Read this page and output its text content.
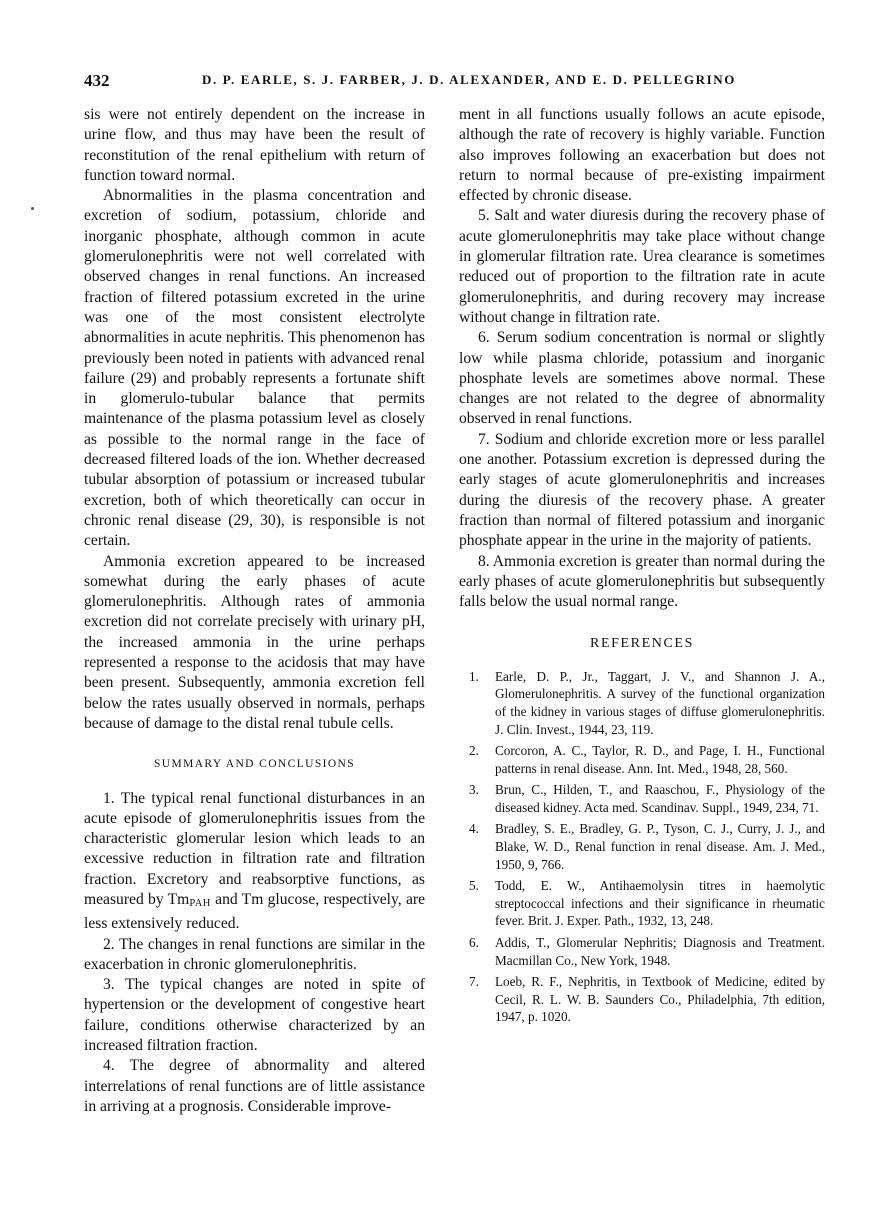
432	D. P. EARLE, S. J. FARBER, J. D. ALEXANDER, AND E. D. PELLEGRINO

sis were not entirely dependent on the increase in urine flow, and thus may have been the result of reconstitution of the renal epithelium with return of function toward normal.

Abnormalities in the plasma concentration and excretion of sodium, potassium, chloride and inorganic phosphate, although common in acute glomerulonephritis were not well correlated with observed changes in renal functions. An increased fraction of filtered potassium excreted in the urine was one of the most consistent electrolyte abnormalities in acute nephritis. This phenomenon has previously been noted in patients with advanced renal failure (29) and probably represents a fortunate shift in glomerulo-tubular balance that permits maintenance of the plasma potassium level as closely as possible to the normal range in the face of decreased filtered loads of the ion. Whether decreased tubular absorption of potassium or increased tubular excretion, both of which theoretically can occur in chronic renal disease (29, 30), is responsible is not certain.

Ammonia excretion appeared to be increased somewhat during the early phases of acute glomerulonephritis. Although rates of ammonia excretion did not correlate precisely with urinary pH, the increased ammonia in the urine perhaps represented a response to the acidosis that may have been present. Subsequently, ammonia excretion fell below the rates usually observed in normals, perhaps because of damage to the distal renal tubule cells.

SUMMARY AND CONCLUSIONS

1. The typical renal functional disturbances in an acute episode of glomerulonephritis issues from the characteristic glomerular lesion which leads to an excessive reduction in filtration rate and filtration fraction. Excretory and reabsorptive functions, as measured by TmPAH and Tm glucose, respectively, are less extensively reduced.

2. The changes in renal functions are similar in the exacerbation in chronic glomerulonephritis.

3. The typical changes are noted in spite of hypertension or the development of congestive heart failure, conditions otherwise characterized by an increased filtration fraction.

4. The degree of abnormality and altered interrelations of renal functions are of little assistance in arriving at a prognosis. Considerable improve-

ment in all functions usually follows an acute episode, although the rate of recovery is highly variable. Function also improves following an exacerbation but does not return to normal because of pre-existing impairment effected by chronic disease.

5. Salt and water diuresis during the recovery phase of acute glomerulonephritis may take place without change in glomerular filtration rate. Urea clearance is sometimes reduced out of proportion to the filtration rate in acute glomerulonephritis, and during recovery may increase without change in filtration rate.

6. Serum sodium concentration is normal or slightly low while plasma chloride, potassium and inorganic phosphate levels are sometimes above normal. These changes are not related to the degree of abnormality observed in renal functions.

7. Sodium and chloride excretion more or less parallel one another. Potassium excretion is depressed during the early stages of acute glomerulonephritis and increases during the diuresis of the recovery phase. A greater fraction than normal of filtered potassium and inorganic phosphate appear in the urine in the majority of patients.

8. Ammonia excretion is greater than normal during the early phases of acute glomerulonephritis but subsequently falls below the usual normal range.

REFERENCES
1.	Earle, D. P., Jr., Taggart, J. V., and Shannon J. A., Glomerulonephritis. A survey of the functional organization of the kidney in various stages of diffuse glomerulonephritis. J. Clin. Invest., 1944, 23, 119.
2.	Corcoron, A. C., Taylor, R. D., and Page, I. H., Functional patterns in renal disease. Ann. Int. Med., 1948, 28, 560.
3.	Brun, C., Hilden, T., and Raaschou, F., Physiology of the diseased kidney. Acta med. Scandinav. Suppl., 1949, 234, 71.
4.	Bradley, S. E., Bradley, G. P., Tyson, C. J., Curry, J. J., and Blake, W. D., Renal function in renal disease. Am. J. Med., 1950, 9, 766.
5.	Todd, E. W., Antihaemolysin titres in haemolytic streptococcal infections and their significance in rheumatic fever. Brit. J. Exper. Path., 1932, 13, 248.
6.	Addis, T., Glomerular Nephritis; Diagnosis and Treatment. Macmillan Co., New York, 1948.
7.	Loeb, R. F., Nephritis, in Textbook of Medicine, edited by Cecil, R. L. W. B. Saunders Co., Philadelphia, 7th edition, 1947, p. 1020.
